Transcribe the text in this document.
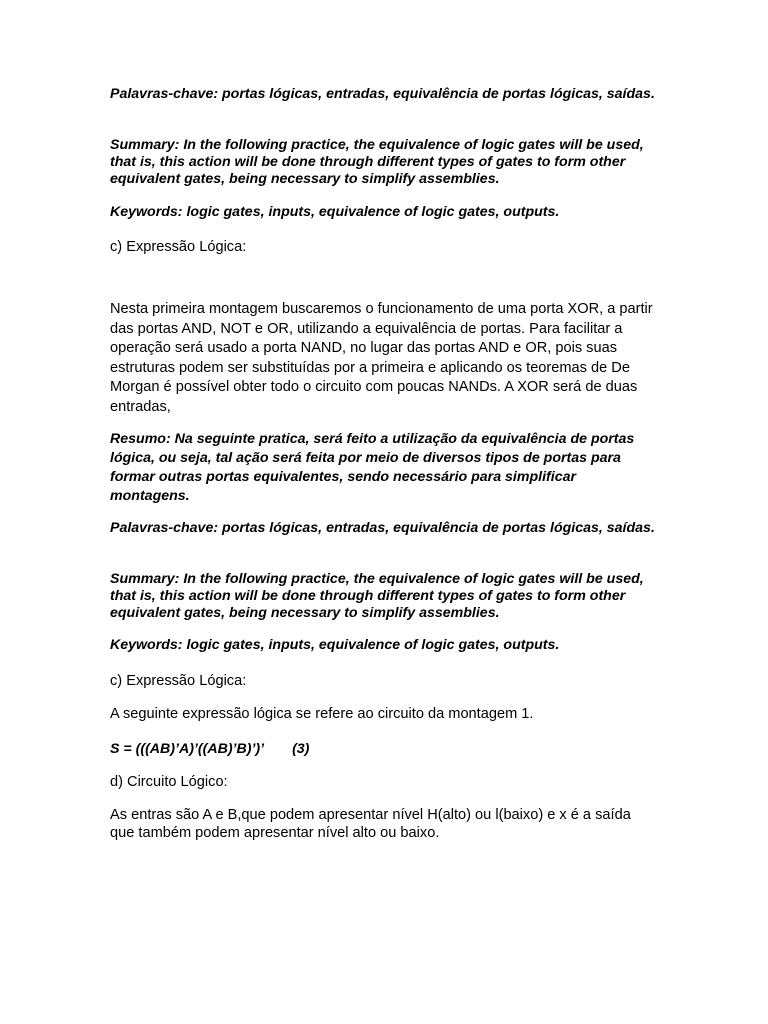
Palavras-chave: portas lógicas, entradas, equivalência de portas lógicas, saídas.

Summary: In the following practice, the equivalence of logic gates will be used, that is, this action will be done through different types of gates to form other equivalent gates, being necessary to simplify assemblies.

Keywords: logic gates, inputs, equivalence of logic gates, outputs.

c) Expressão Lógica:

Nesta primeira montagem buscaremos o funcionamento de uma porta XOR, a partir das portas AND, NOT e OR, utilizando a equivalência de portas. Para facilitar a operação será usado a porta NAND, no lugar das portas AND e OR, pois suas estruturas podem ser substituídas por a primeira e aplicando os teoremas de De Morgan é possível obter todo o circuito com poucas NANDs. A XOR será de duas entradas,

Resumo: Na seguinte pratica, será feito a utilização da equivalência de portas lógica, ou seja, tal ação será feita por meio de diversos tipos de portas para formar outras portas equivalentes, sendo necessário para simplificar montagens.

Palavras-chave: portas lógicas, entradas, equivalência de portas lógicas, saídas.

Summary: In the following practice, the equivalence of logic gates will be used, that is, this action will be done through different types of gates to form other equivalent gates, being necessary to simplify assemblies.

Keywords: logic gates, inputs, equivalence of logic gates, outputs.

c) Expressão Lógica:

A seguinte expressão lógica se refere ao circuito da montagem 1.

S = (((AB)’A)’((AB)’B)’)’ (3)

d) Circuito Lógico:

As entras são A e B,que podem apresentar nível H(alto) ou l(baixo) e x é a saída que também podem apresentar nível alto ou baixo.
